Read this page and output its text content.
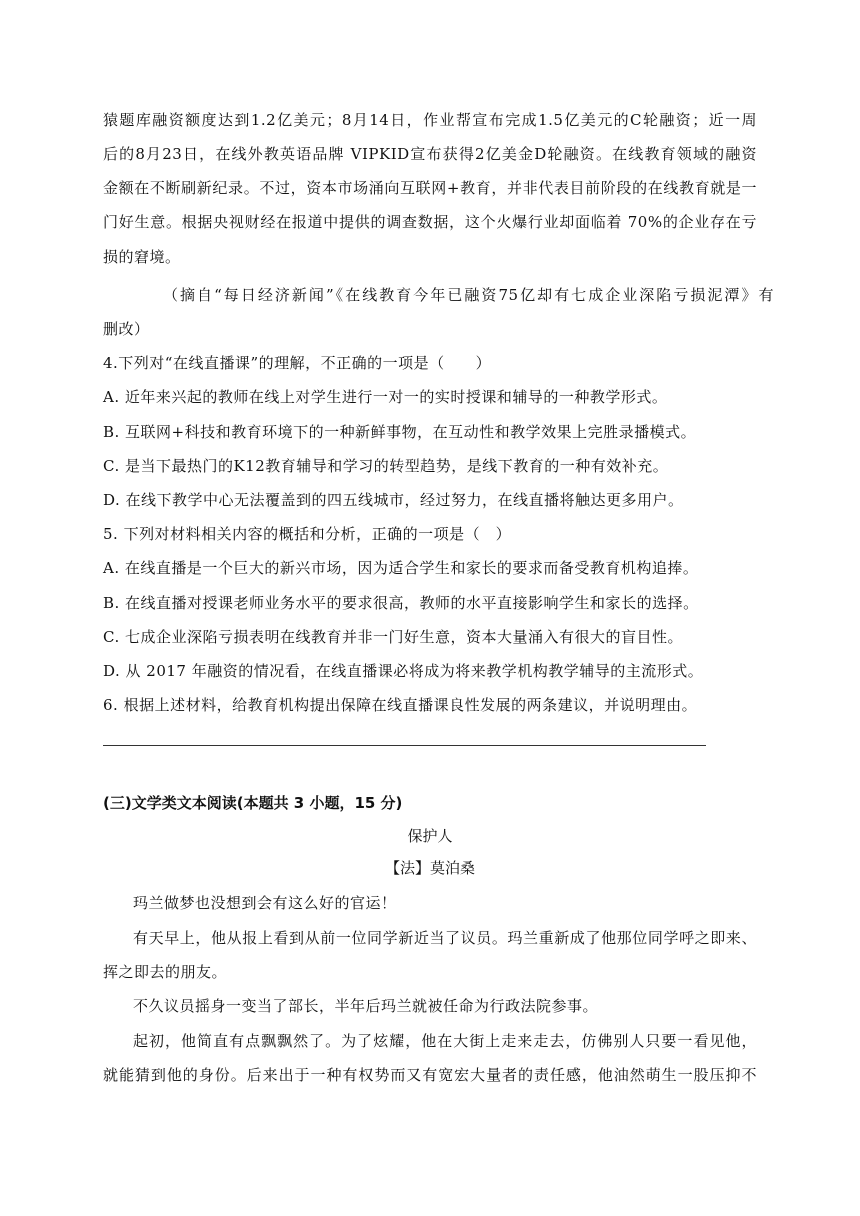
猿题库融资额度达到1.2亿美元；8月14日，作业帮宣布完成1.5亿美元的C轮融资；近一周
后的8月23日，在线外教英语品牌 VIPKID宣布获得2亿美金D轮融资。在线教育领域的融资
金额在不断刷新纪录。不过，资本市场涌向互联网+教育，并非代表目前阶段的在线教育就是一
门好生意。根据央视财经在报道中提供的调查数据，这个火爆行业却面临着 70%的企业存在亏
损的窘境。
（摘自“每日经济新闻”《在线教育今年已融资75亿却有七成企业深陷亏损泥潭》有
删改）
4.下列对“在线直播课”的理解，不正确的一项是（　　）
A. 近年来兴起的教师在线上对学生进行一对一的实时授课和辅导的一种教学形式。
B. 互联网+科技和教育环境下的一种新鲜事物，在互动性和教学效果上完胜录播模式。
C. 是当下最热门的K12教育辅导和学习的转型趋势，是线下教育的一种有效补充。
D. 在线下教学中心无法覆盖到的四五线城市，经过努力，在线直播将触达更多用户。
5. 下列对材料相关内容的概括和分析，正确的一项是（　）
A. 在线直播是一个巨大的新兴市场，因为适合学生和家长的要求而备受教育机构追捧。
B. 在线直播对授课老师业务水平的要求很高，教师的水平直接影响学生和家长的选择。
C. 七成企业深陷亏损表明在线教育并非一门好生意，资本大量涌入有很大的盲目性。
D. 从 2017 年融资的情况看，在线直播课必将成为将来教学机构教学辅导的主流形式。
6. 根据上述材料，给教育机构提出保障在线直播课良性发展的两条建议，并说明理由。
(三)文学类文本阅读(本题共 3 小题，15 分)
保护人
【法】莫泊桑
玛兰做梦也没想到会有这么好的官运！
有天早上，他从报上看到从前一位同学新近当了议员。玛兰重新成了他那位同学呼之即来、
挥之即去的朋友。
不久议员摇身一变当了部长，半年后玛兰就被任命为行政法院参事。
起初，他简直有点飘飘然了。为了炫耀，他在大街上走来走去，仿佛别人只要一看见他，
就能猜到他的身份。后来出于一种有权势而又有宽宏大量者的责任感，他油然萌生一股压抑不
